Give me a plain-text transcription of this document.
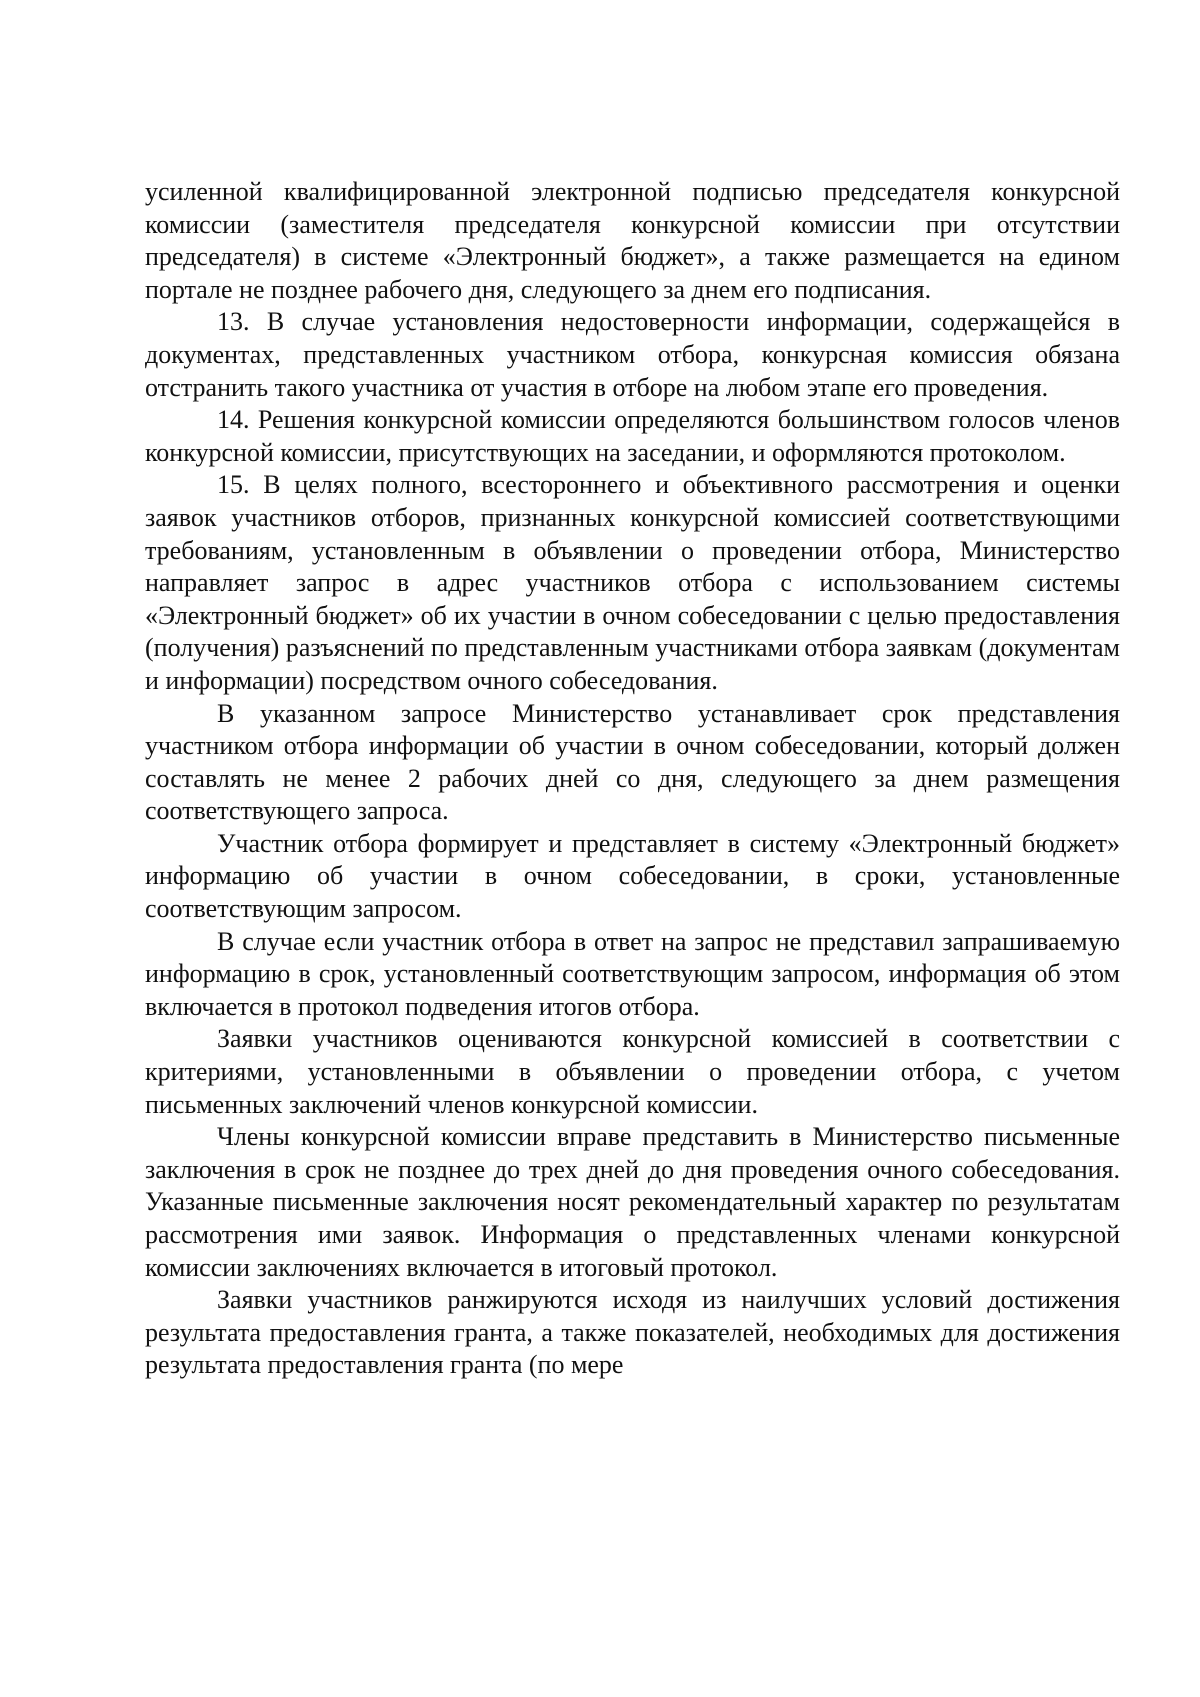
усиленной квалифицированной электронной подписью председателя конкурсной комиссии (заместителя председателя конкурсной комиссии при отсутствии председателя) в системе «Электронный бюджет», а также размещается на едином портале не позднее рабочего дня, следующего за днем его подписания.

13. В случае установления недостоверности информации, содержащейся в документах, представленных участником отбора, конкурсная комиссия обязана отстранить такого участника от участия в отборе на любом этапе его проведения.

14. Решения конкурсной комиссии определяются большинством голосов членов конкурсной комиссии, присутствующих на заседании, и оформляются протоколом.

15. В целях полного, всестороннего и объективного рассмотрения и оценки заявок участников отборов, признанных конкурсной комиссией соответствующими требованиям, установленным в объявлении о проведении отбора, Министерство направляет запрос в адрес участников отбора с использованием системы «Электронный бюджет» об их участии в очном собеседовании с целью предоставления (получения) разъяснений по представленным участниками отбора заявкам (документам и информации) посредством очного собеседования.

В указанном запросе Министерство устанавливает срок представления участником отбора информации об участии в очном собеседовании, который должен составлять не менее 2 рабочих дней со дня, следующего за днем размещения соответствующего запроса.

Участник отбора формирует и представляет в систему «Электронный бюджет» информацию об участии в очном собеседовании, в сроки, установленные соответствующим запросом.

В случае если участник отбора в ответ на запрос не представил запрашиваемую информацию в срок, установленный соответствующим запросом, информация об этом включается в протокол подведения итогов отбора.

Заявки участников оцениваются конкурсной комиссией в соответствии с критериями, установленными в объявлении о проведении отбора, с учетом письменных заключений членов конкурсной комиссии.

Члены конкурсной комиссии вправе представить в Министерство письменные заключения в срок не позднее до трех дней до дня проведения очного собеседования. Указанные письменные заключения носят рекомендательный характер по результатам рассмотрения ими заявок. Информация о представленных членами конкурсной комиссии заключениях включается в итоговый протокол.

Заявки участников ранжируются исходя из наилучших условий достижения результата предоставления гранта, а также показателей, необходимых для достижения результата предоставления гранта (по мере
